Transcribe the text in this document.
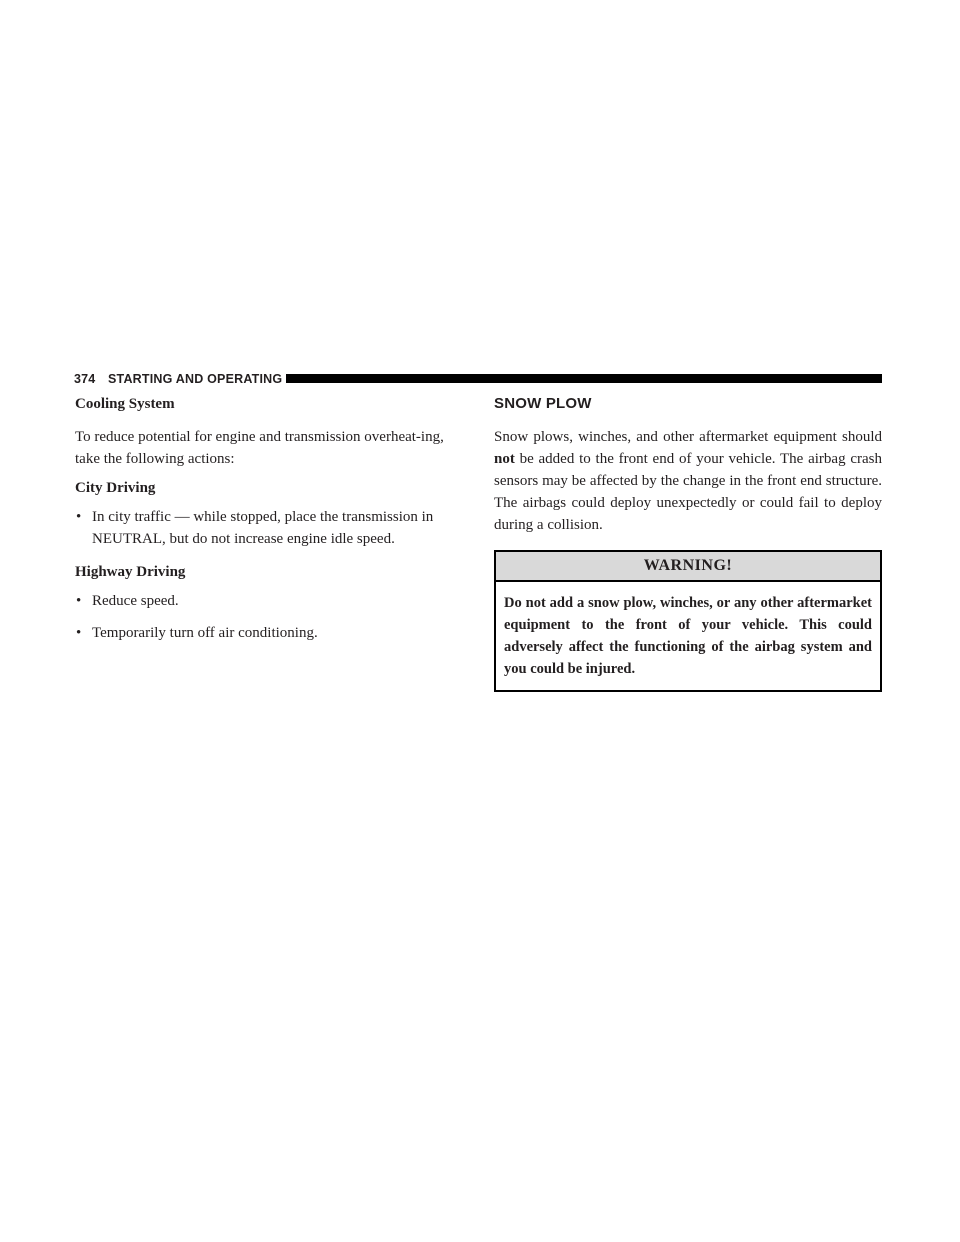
374 STARTING AND OPERATING
Cooling System

To reduce potential for engine and transmission overheat-ing, take the following actions:

City Driving
• In city traffic — while stopped, place the transmission in NEUTRAL, but do not increase engine idle speed.
Highway Driving
• Reduce speed.
• Temporarily turn off air conditioning.
SNOW PLOW

Snow plows, winches, and other aftermarket equipment should not be added to the front end of your vehicle. The airbag crash sensors may be affected by the change in the front end structure. The airbags could deploy unexpectedly or could fail to deploy during a collision.

WARNING!
Do not add a snow plow, winches, or any other aftermarket equipment to the front of your vehicle. This could adversely affect the functioning of the airbag system and you could be injured.
